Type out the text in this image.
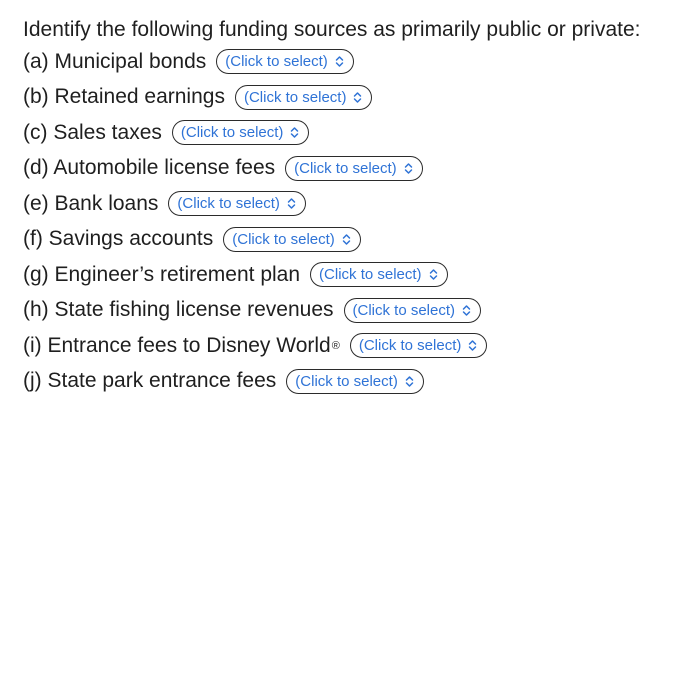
Identify the following funding sources as primarily public or private:

(a) Municipal bonds (Click to select)
(b) Retained earnings (Click to select)
(c) Sales taxes (Click to select)
(d) Automobile license fees (Click to select)
(e) Bank loans (Click to select)
(f) Savings accounts (Click to select)
(g) Engineer’s retirement plan (Click to select)
(h) State fishing license revenues (Click to select)
(i) Entrance fees to Disney World® (Click to select)
(j) State park entrance fees (Click to select)
